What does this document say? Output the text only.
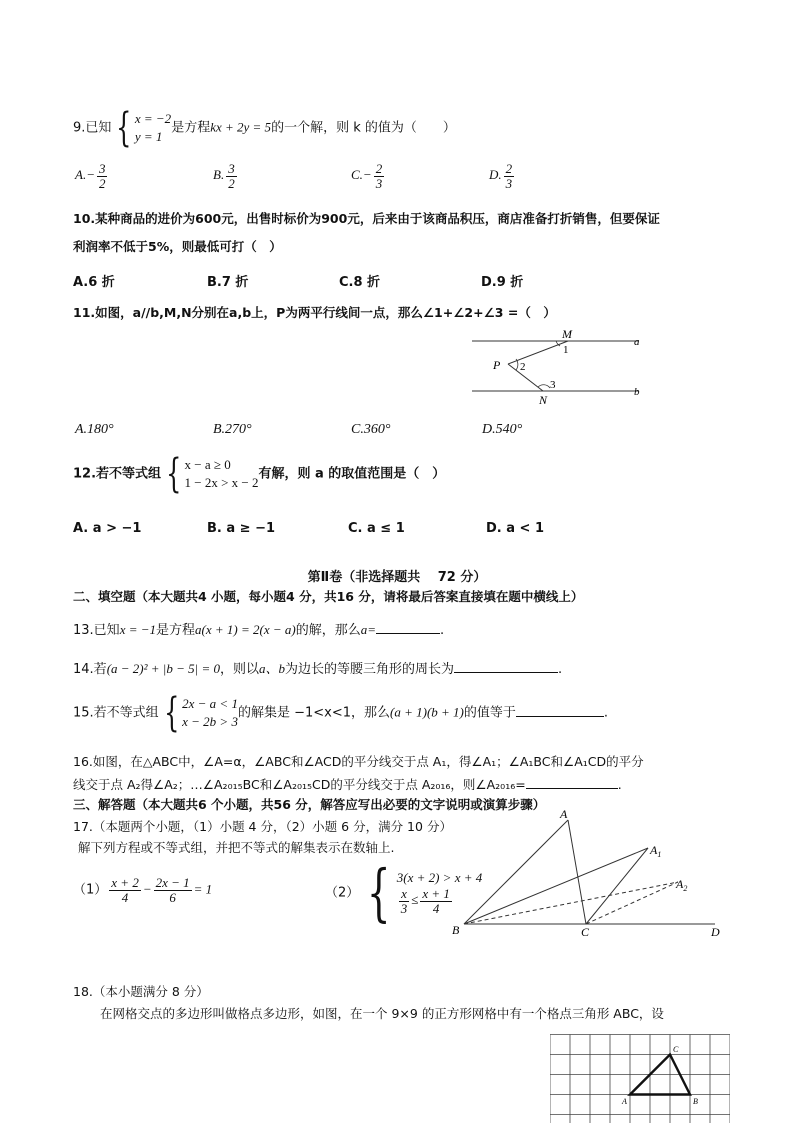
9.已知 { x = −2
y = 1
是方程kx + 2y = 5的一个解，则 k 的值为（　　）
$A.- \frac{3}{2}$	B. $\frac{3}{2}$	$C.- \frac{2}{3}$	D. $\frac{2}{3}$
10.某种商品的进价为600元，出售时标价为900元，后来由于该商品积压，商店准备打折销售，但要保证
利润率不低于5%，则最低可打（　）
A.6 折	B.7 折	C.8 折	D.9 折
11.如图，a//b,M,N分别在a,b上，P为两平行线间一点，那么∠1+∠2+∠3 =（　）
M
1
a
P 2
3
b
N
A.180°	B.270°	C.360°	D.540°
12.若不等式组 { x − a ≥ 0
1 − 2x > x − 2
有解，则 a 的取值范围是（　）
A. a > −1	B. a ≥ −1	C. a ≤ 1	D. a < 1
第Ⅱ卷（非选择题共　 72 分）
二、填空题（本大题共4 小题，每小题4 分，共16 分，请将最后答案直接填在题中横线上）
13.已知x = −1是方程a(x + 1) = 2(x − a)的解，那么a=	.
14.若(a − 2)² + |b − 5| = 0，则以a、b为边长的等腰三角形的周长为	.
15.若不等式组 { 2x − a < 1
x − 2b > 3
的解集是 −1<x<1，那么(a + 1)(b + 1)的值等于	.
16.如图，在△ABC中，∠A=α，∠ABC和∠ACD的平分线交于点 A₁，得∠A₁；∠A₁BC和∠A₁CD的平分
线交于点 A₂得∠A₂；…∠A₂₀₁₅BC和∠A₂₀₁₅CD的平分线交于点 A₂₀₁₆，则∠A₂₀₁₆=	.
三、解答题（本大题共6 个小题，共56 分，解答应写出必要的文字说明或演算步骤）
17.（本题两个小题，（1）小题 4 分，（2）小题 6 分，满分 10 分）
解下列方程或不等式组，并把不等式的解集表示在数轴上.
$(1) \frac{x + 2}{4} - \frac{2x - 1}{6} = 1$	（2） { 3(x + 2) > x + 4
$\frac{x}{3} \le \frac{x + 1}{4}$
A
$A_1$
$A_2$
B	C	D
18.（本小题满分 8 分）
在网格交点的多边形叫做格点多边形，如图，在一个 9×9 的正方形网格中有一个格点三角形 ABC，设
A	B
C
